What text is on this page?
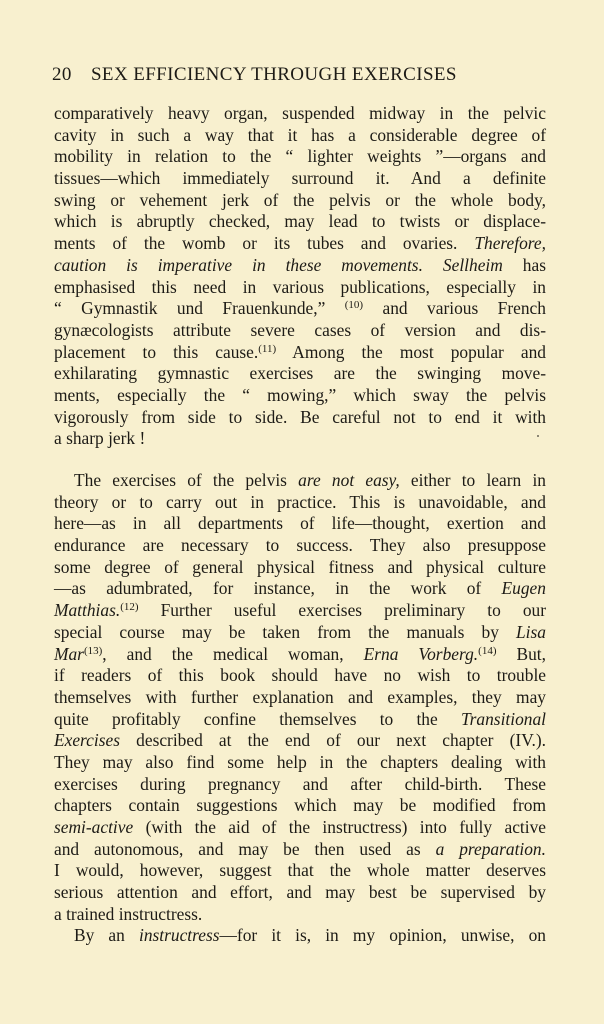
20 SEX EFFICIENCY THROUGH EXERCISES
comparatively heavy organ, suspended midway in the pelvic
cavity in such a way that it has a considerable degree of
mobility in relation to the “ lighter weights ”—organs and
tissues—which immediately surround it. And a definite
swing or vehement jerk of the pelvis or the whole body,
which is abruptly checked, may lead to twists or displace-
ments of the womb or its tubes and ovaries. Therefore,
caution is imperative in these movements. Sellheim has
emphasised this need in various publications, especially in
“ Gymnastik und Frauenkunde,” $^{(10)}$ and various French
gynæcologists attribute severe cases of version and dis-
placement to this cause.$^{(11)}$ Among the most popular and
exhilarating gymnastic exercises are the swinging move-
ments, especially the “ mowing,” which sway the pelvis
vigorously from side to side. Be careful not to end it with
a sharp jerk !
The exercises of the pelvis are not easy, either to learn in
theory or to carry out in practice. This is unavoidable, and
here—as in all departments of life—thought, exertion and
endurance are necessary to success. They also presuppose
some degree of general physical fitness and physical culture
—as adumbrated, for instance, in the work of Eugen
Matthias.$^{(12)}$ Further useful exercises preliminary to our
special course may be taken from the manuals by Lisa
Mar$^{(13)}$, and the medical woman, Erna Vorberg.$^{(14)}$ But,
if readers of this book should have no wish to trouble
themselves with further explanation and examples, they may
quite profitably confine themselves to the Transitional
Exercises described at the end of our next chapter (IV.).
They may also find some help in the chapters dealing with
exercises during pregnancy and after child-birth. These
chapters contain suggestions which may be modified from
semi-active (with the aid of the instructress) into fully active
and autonomous, and may be then used as a preparation.
I would, however, suggest that the whole matter deserves
serious attention and effort, and may best be supervised by
a trained instructress.
By an instructress—for it is, in my opinion, unwise, on
